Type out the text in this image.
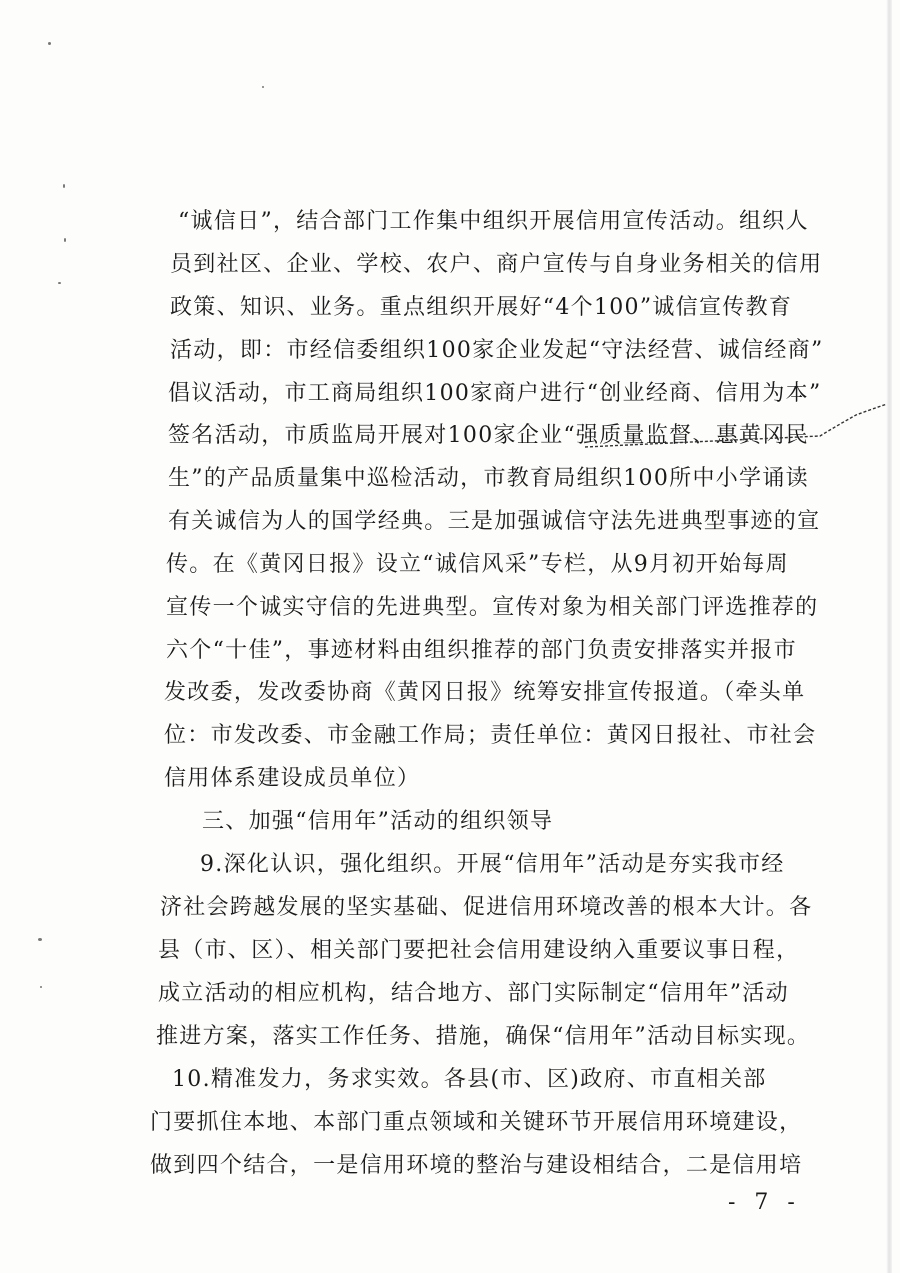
“诚信日”，结合部门工作集中组织开展信用宣传活动。组织人
员到社区、企业、学校、农户、商户宣传与自身业务相关的信用
政策、知识、业务。重点组织开展好“4个100”诚信宣传教育
活动，即：市经信委组织100家企业发起“守法经营、诚信经商”
倡议活动，市工商局组织100家商户进行“创业经商、信用为本”
签名活动，市质监局开展对100家企业“强质量监督、惠黄冈民
生”的产品质量集中巡检活动，市教育局组织100所中小学诵读
有关诚信为人的国学经典。三是加强诚信守法先进典型事迹的宣
传。在《黄冈日报》设立“诚信风采”专栏，从9月初开始每周
宣传一个诚实守信的先进典型。宣传对象为相关部门评选推荐的
六个“十佳”，事迹材料由组织推荐的部门负责安排落实并报市
发改委，发改委协商《黄冈日报》统筹安排宣传报道。（牵头单
位：市发改委、市金融工作局；责任单位：黄冈日报社、市社会
信用体系建设成员单位）
三、加强“信用年”活动的组织领导
9.深化认识，强化组织。开展“信用年”活动是夯实我市经
济社会跨越发展的坚实基础、促进信用环境改善的根本大计。各
县（市、区）、相关部门要把社会信用建设纳入重要议事日程，
成立活动的相应机构，结合地方、部门实际制定“信用年”活动
推进方案，落实工作任务、措施，确保“信用年”活动目标实现。
10.精准发力，务求实效。各县(市、区)政府、市直相关部
门要抓住本地、本部门重点领域和关键环节开展信用环境建设，
做到四个结合，一是信用环境的整治与建设相结合，二是信用培
- 7 -
